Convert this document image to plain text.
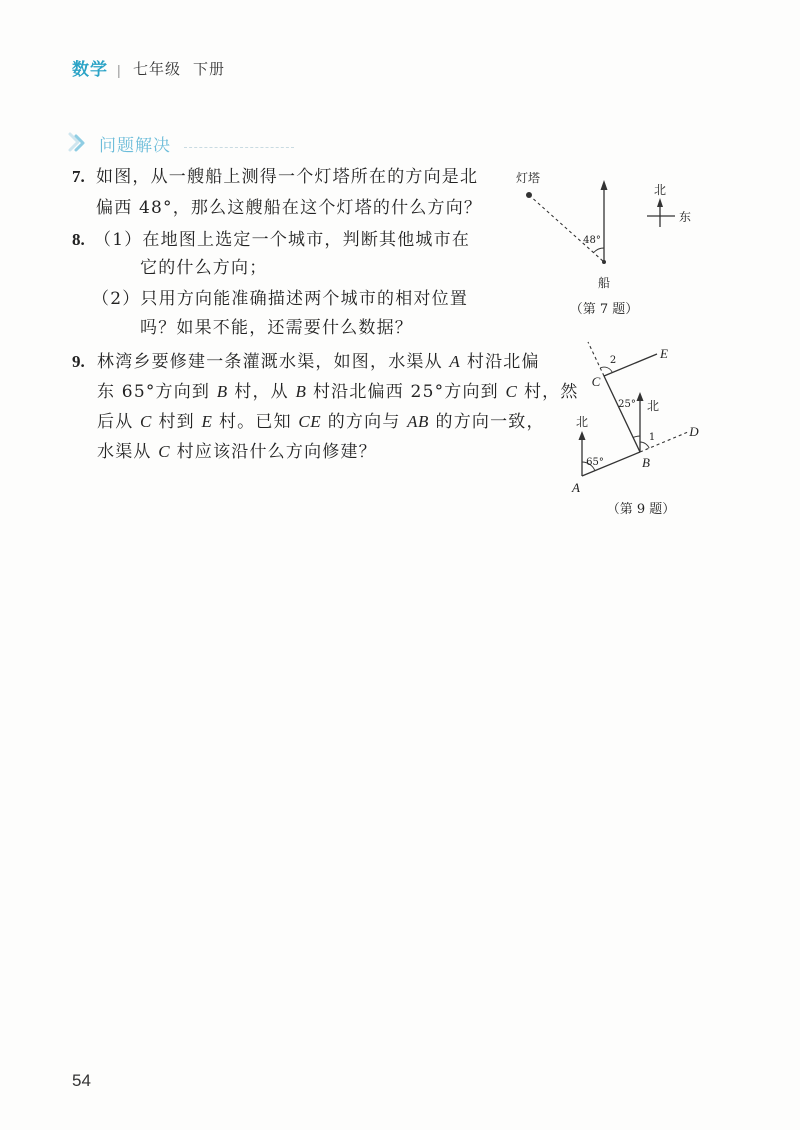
数学 | 七年级 下册
问题解决
7. 如图，从一艘船上测得一个灯塔所在的方向是北
偏西 48°，那么这艘船在这个灯塔的什么方向？
8. （1）在地图上选定一个城市，判断其他城市在
它的什么方向；
（2）只用方向能准确描述两个城市的相对位置
吗？如果不能，还需要什么数据？
9. 林湾乡要修建一条灌溉水渠，如图，水渠从 A 村沿北偏
东 65°方向到 B 村，从 B 村沿北偏西 25°方向到 C 村，然
后从 C 村到 E 村。已知 CE 的方向与 AB 的方向一致，
水渠从 C 村应该沿什么方向修建？
灯塔
48°
船
北
东
（第 7 题）
北
65°
A
北
25°
B
1	D
2
C
E
（第 9 题）
54
